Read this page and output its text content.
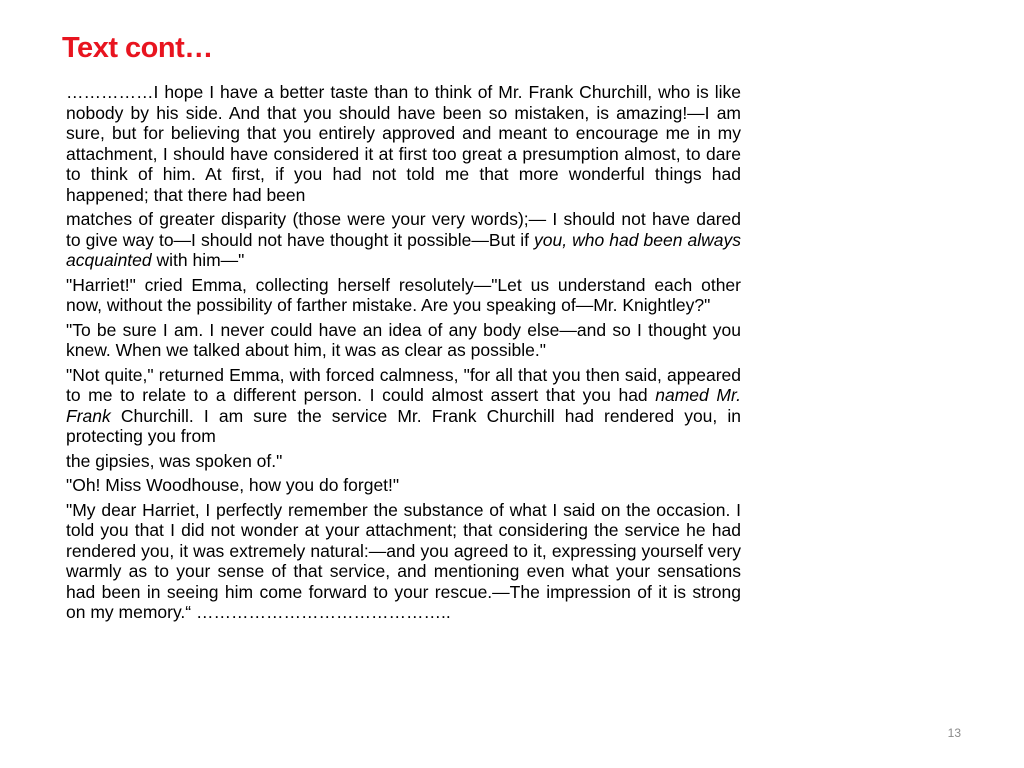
Text cont…

……………I hope I have a better taste than to think of Mr. Frank Churchill, who is like nobody by his side. And that you should have been so mistaken, is amazing!—I am sure, but for believing that you entirely approved and meant to encourage me in my attachment, I should have considered it at first too great a presumption almost, to dare to think of him. At first, if you had not told me that more wonderful things had happened; that there had been

matches of greater disparity (those were your very words);— I should not have dared to give way to—I should not have thought it possible—But if you, who had been always acquainted with him—"

"Harriet!" cried Emma, collecting herself resolutely—"Let us understand each other now, without the possibility of farther mistake. Are you speaking of—Mr. Knightley?"

"To be sure I am. I never could have an idea of any body else—and so I thought you knew. When we talked about him, it was as clear as possible."

"Not quite," returned Emma, with forced calmness, "for all that you then said, appeared to me to relate to a different person. I could almost assert that you had named Mr. Frank Churchill. I am sure the service Mr. Frank Churchill had rendered you, in protecting you from

the gipsies, was spoken of."

"Oh! Miss Woodhouse, how you do forget!"

"My dear Harriet, I perfectly remember the substance of what I said on the occasion. I told you that I did not wonder at your attachment; that considering the service he had rendered you, it was extremely natural:—and you agreed to it, expressing yourself very warmly as to your sense of that service, and mentioning even what your sensations had been in seeing him come forward to your rescue.—The impression of it is strong on my memory.“ ……………………………………..

13
